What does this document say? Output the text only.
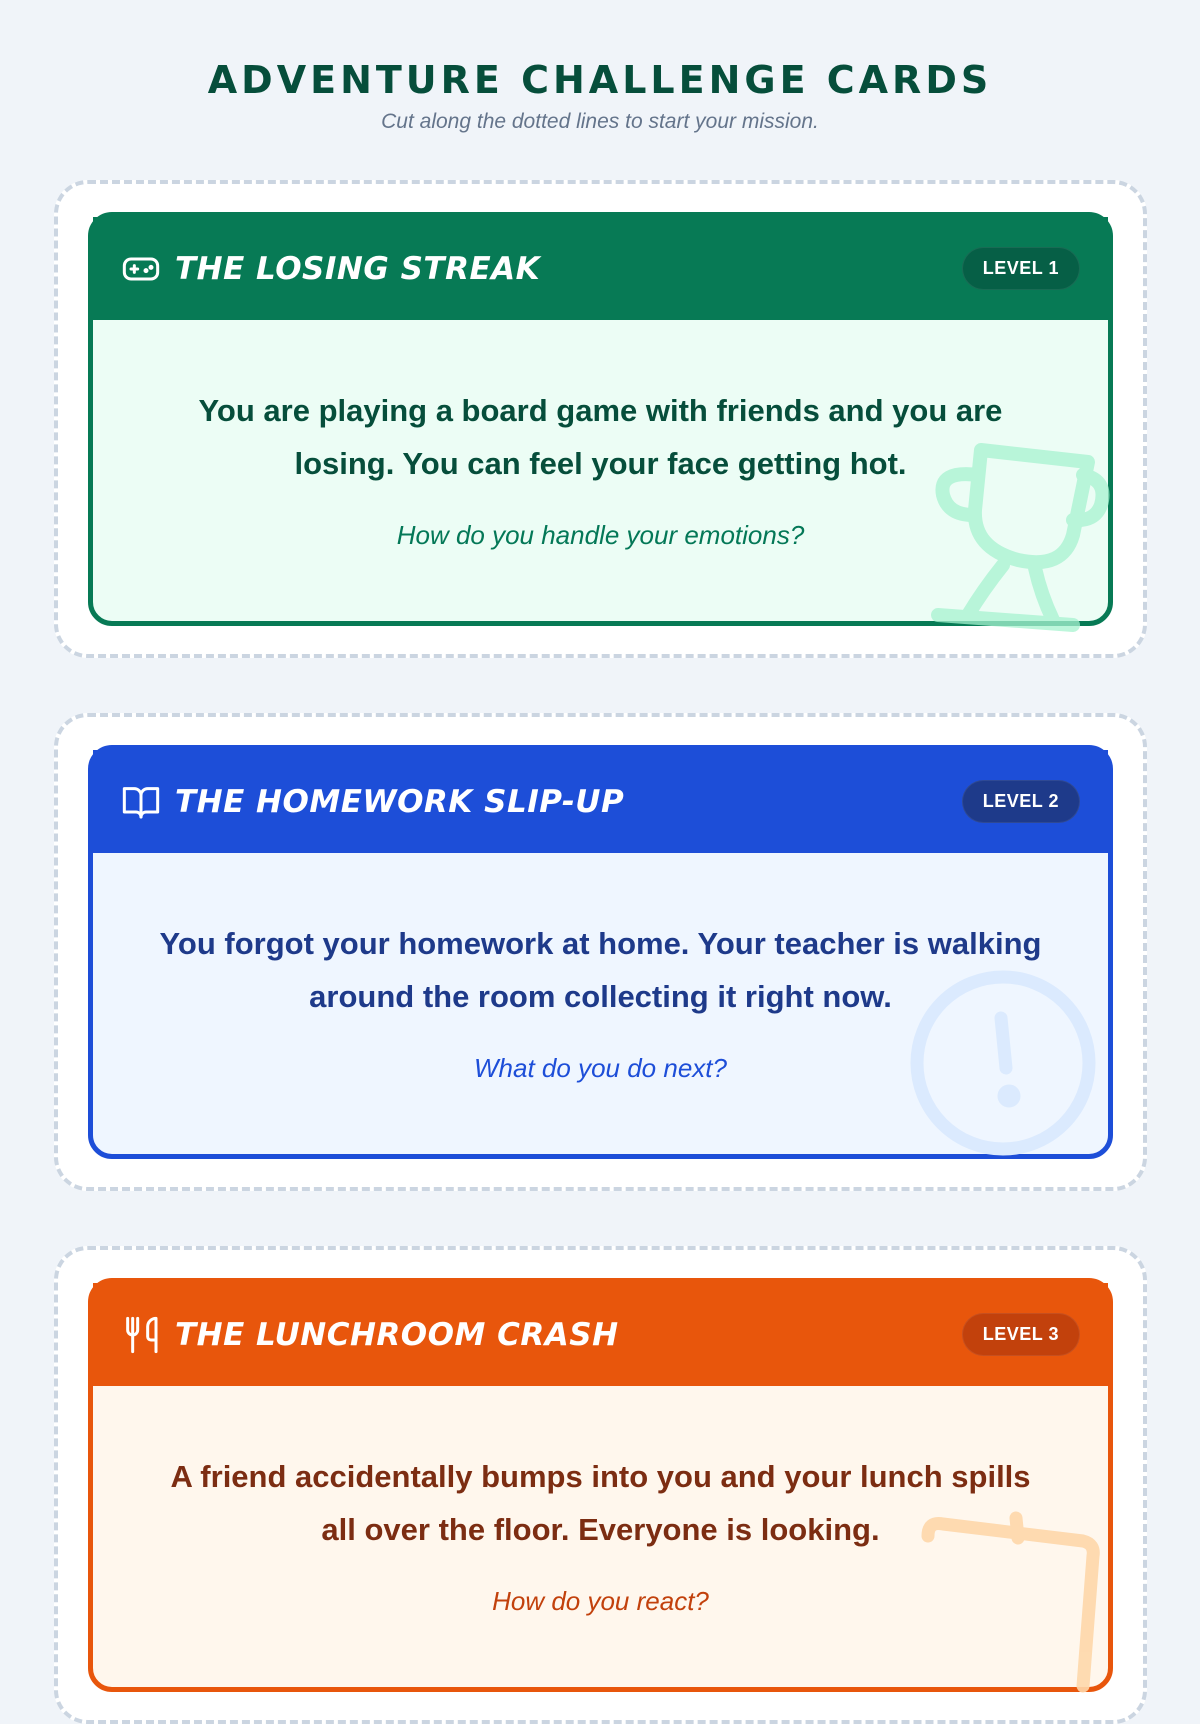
ADVENTURE CHALLENGE CARDS

Cut along the dotted lines to start your mission.

THE LOSING STREAK	LEVEL 1

You are playing a board game with friends and you are losing. You can feel your face getting hot.

How do you handle your emotions?

THE HOMEWORK SLIP-UP	LEVEL 2

You forgot your homework at home. Your teacher is walking around the room collecting it right now.

What do you do next?

THE LUNCHROOM CRASH	LEVEL 3

A friend accidentally bumps into you and your lunch spills all over the floor. Everyone is looking.

How do you react?
